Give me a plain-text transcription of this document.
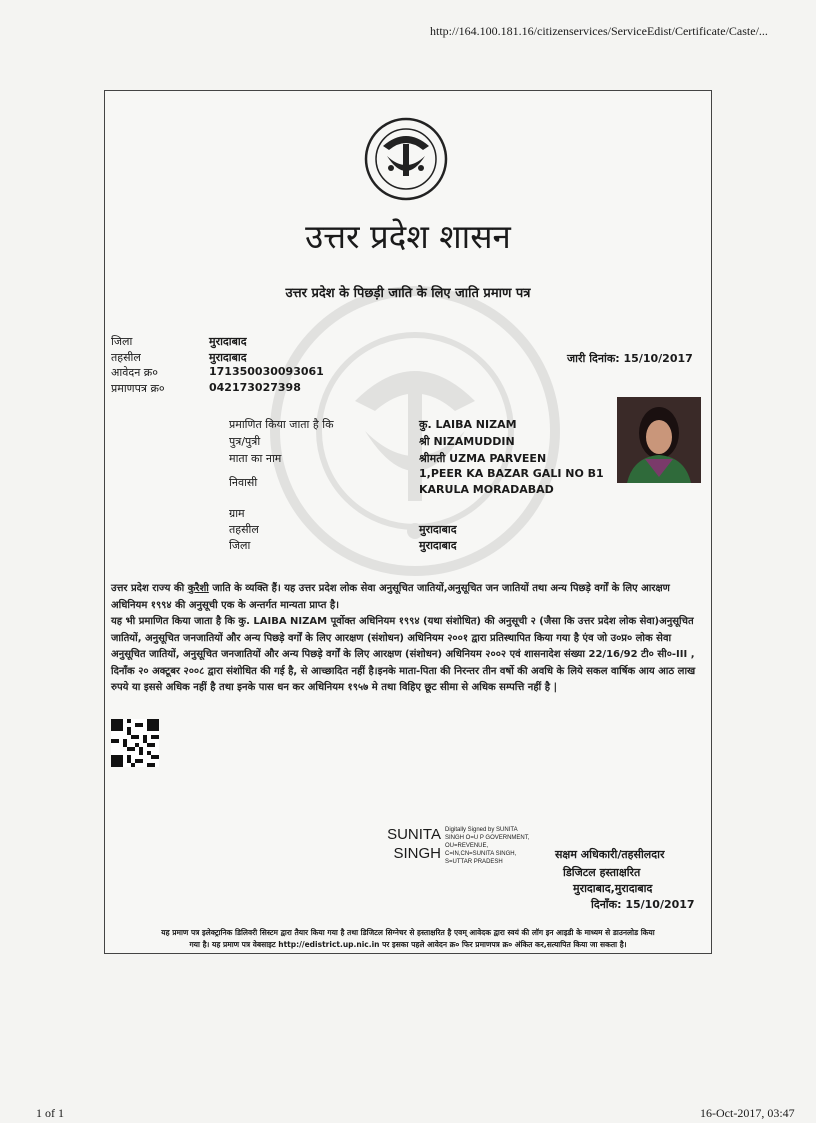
http://164.100.181.16/citizenservices/ServiceEdist/Certificate/Caste/...
उत्तर प्रदेश शासन
उत्तर प्रदेश के पिछड़ी जाति के लिए जाति प्रमाण पत्र
जिला	मुरादाबाद
तहसील	मुरादाबाद
आवेदन क्र०	171350030093061
प्रमाणपत्र क्र०	042173027398
जारी दिनांक: 15/10/2017
प्रमाणित किया जाता है कि	कु. LAIBA NIZAM
पुत्र/पुत्री	श्री NIZAMUDDIN
माता का नाम	श्रीमती UZMA PARVEEN
निवासी
1,PEER KA BAZAR GALI NO B1
KARULA MORADABAD
ग्राम
तहसील	मुरादाबाद
जिला	मुरादाबाद
उत्तर प्रदेश राज्य की कुरैशी जाति के व्यक्ति हैं। यह उत्तर प्रदेश लोक सेवा अनुसूचित जातियों,अनुसूचित जन जातियों तथा अन्य पिछड़े वर्गों के लिए आरक्षण अधिनियम १९९४ की अनुसूची एक के अन्तर्गत मान्यता प्राप्त है।
यह भी प्रमाणित किया जाता है कि कु. LAIBA NIZAM पूर्वोक्त अधिनियम १९९४ (यथा संशोधित) की अनुसूची २ (जैसा कि उत्तर प्रदेश लोक सेवा)अनुसूचित जातियों, अनुसूचित जनजातियों और अन्य पिछड़े वर्गों के लिए आरक्षण (संशोधन) अधिनियम २००१ द्वारा प्रतिस्थापित किया गया है एंव जो उ०प्र० लोक सेवा अनुसूचित जातियों, अनुसूचित जनजातियों और अन्य पिछड़े वर्गों के लिए आरक्षण (संशोधन) अधिनियम २००२ एवं शासनादेश संख्या 22/16/92 टी० सी०-III , दिनाँक २० अक्टूबर २००८ द्वारा संशोधित की गई है, से आच्छादित नहीं है।इनके माता-पिता की निरन्तर तीन वर्षो की अवधि के लिये सकल वार्षिक आय आठ लाख रुपये या इससे अधिक नहीं है तथा इनके पास धन कर अधिनियम १९५७ मे तथा विहिए छूट सीमा से अधिक सम्पत्ति नहीं है |
SUNITA
SINGH
Digitally Signed by SUNITA SINGH O=U P GOVERNMENT, OU=REVENUE, C=IN,CN=SUNITA SINGH, S=UTTAR PRADESH
सक्षम अधिकारी/तहसीलदार
डिजिटल हस्ताक्षरित
मुरादाबाद,मुरादाबाद
दिनाँक: 15/10/2017
यह प्रमाण पत्र इलेक्ट्रानिक डिलिवरी सिस्टम द्वारा तैयार किया गया है तथा डिजिटल सिग्नेचर से हस्ताक्षरित है एवम् आवेदक द्वारा स्वयं की लॉग इन आइडी के माध्यम से डाउनलोड किया
गया है। यह प्रमाण पत्र वेबसाइट http://edistrict.up.nic.in पर इसका पहले आवेदन क्र० फिर प्रमाणपत्र क्र० अंकित कर,सत्यापित किया जा सकता है।
1 of 1	16-Oct-2017, 03:47
